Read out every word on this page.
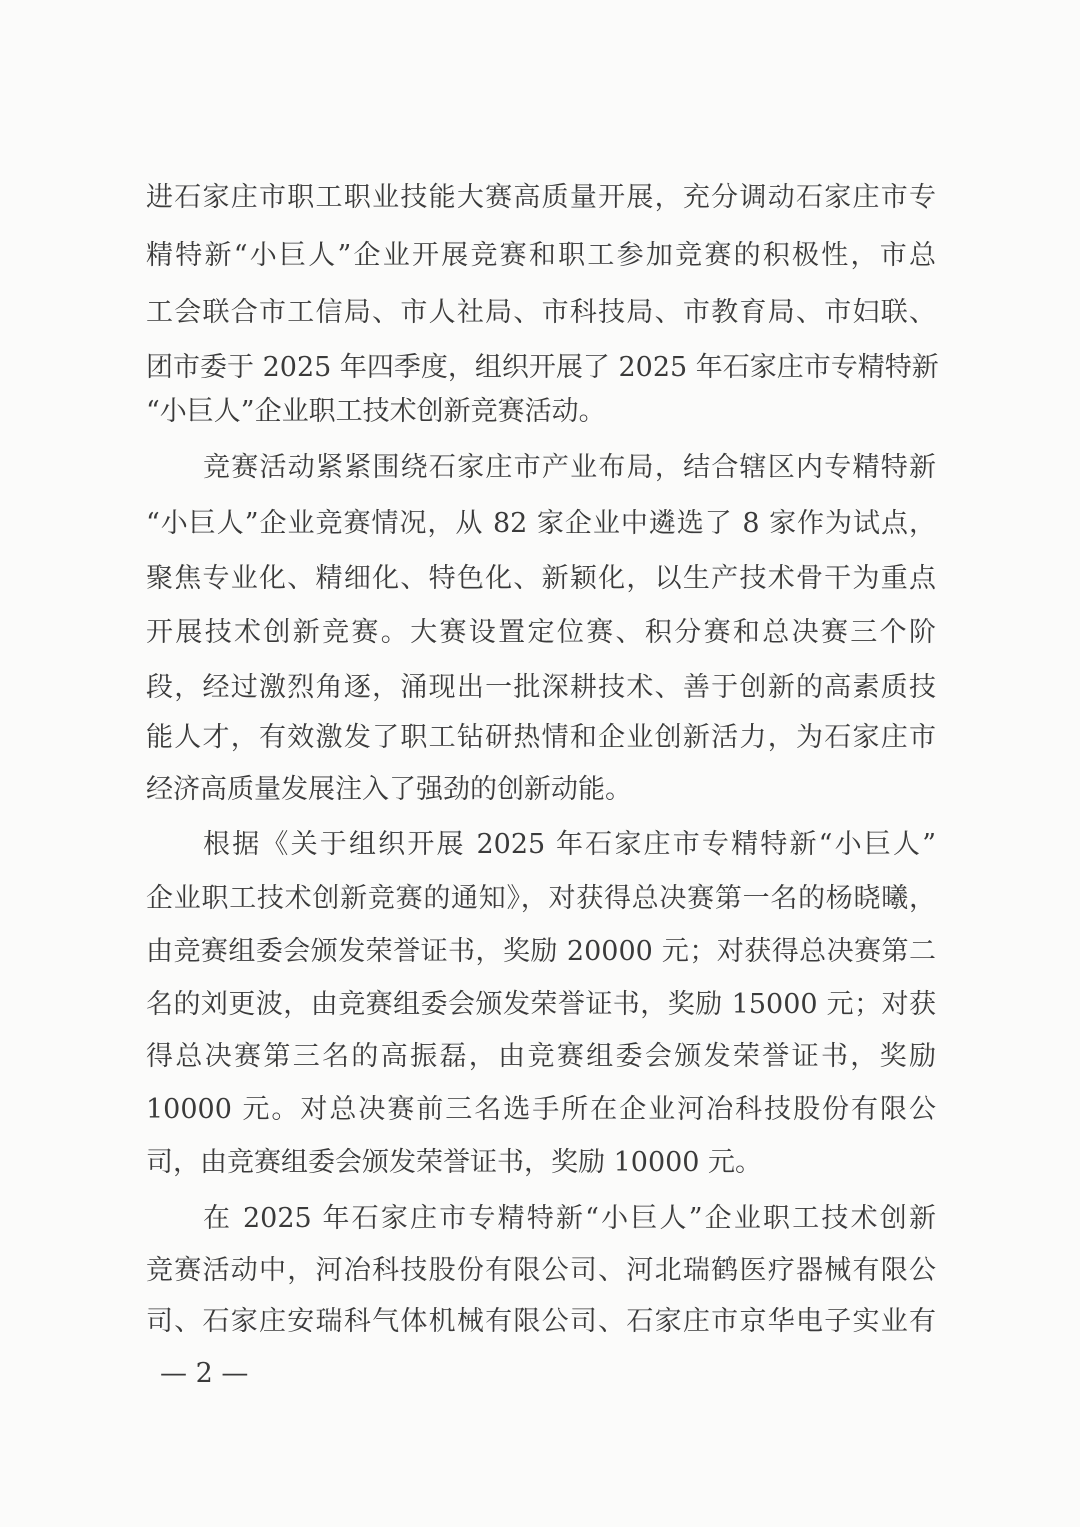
进石家庄市职工职业技能大赛高质量开展，充分调动石家庄市专
精特新“小巨人”企业开展竞赛和职工参加竞赛的积极性，市总
工会联合市工信局、市人社局、市科技局、市教育局、市妇联、
团市委于 2025 年四季度，组织开展了 2025 年石家庄市专精特新
“小巨人”企业职工技术创新竞赛活动。
竞赛活动紧紧围绕石家庄市产业布局，结合辖区内专精特新
“小巨人”企业竞赛情况，从 82 家企业中遴选了 8 家作为试点，
聚焦专业化、精细化、特色化、新颖化，以生产技术骨干为重点
开展技术创新竞赛。大赛设置定位赛、积分赛和总决赛三个阶
段，经过激烈角逐，涌现出一批深耕技术、善于创新的高素质技
能人才，有效激发了职工钻研热情和企业创新活力，为石家庄市
经济高质量发展注入了强劲的创新动能。
根据《关于组织开展 2025 年石家庄市专精特新“小巨人”
企业职工技术创新竞赛的通知》，对获得总决赛第一名的杨晓曦，
由竞赛组委会颁发荣誉证书，奖励 20000 元；对获得总决赛第二
名的刘更波，由竞赛组委会颁发荣誉证书，奖励 15000 元；对获
得总决赛第三名的高振磊，由竞赛组委会颁发荣誉证书，奖励
10000 元。对总决赛前三名选手所在企业河冶科技股份有限公
司，由竞赛组委会颁发荣誉证书，奖励 10000 元。
在 2025 年石家庄市专精特新“小巨人”企业职工技术创新
竞赛活动中，河冶科技股份有限公司、河北瑞鹤医疗器械有限公
司、石家庄安瑞科气体机械有限公司、石家庄市京华电子实业有
— 2 —
